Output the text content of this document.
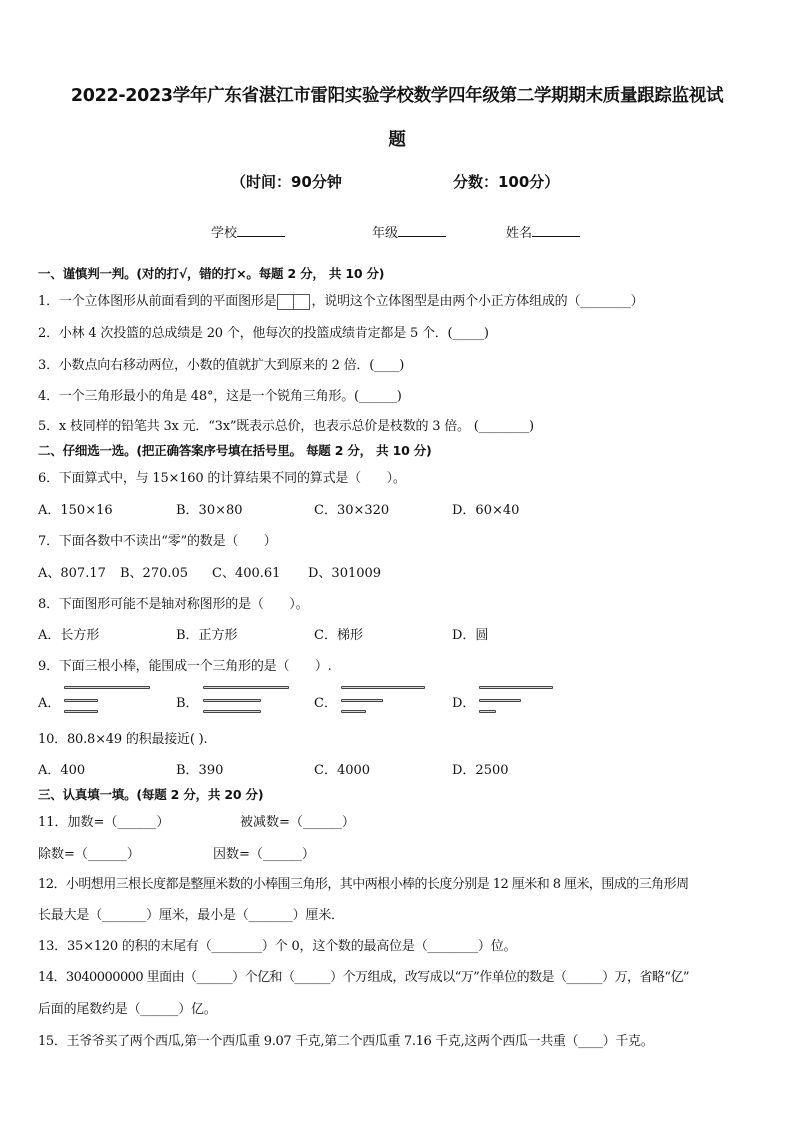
2022-2023学年广东省湛江市雷阳实验学校数学四年级第二学期期末质量跟踪监视试
题
（时间：90分钟	分数：100分）
学校	年级	姓名
一、谨慎判一判。(对的打√，错的打×。每题 2 分， 共 10 分)
1．一个立体图形从前面看到的平面图形是	，说明这个立体图型是由两个小正方体组成的（________）
2．小林 4 次投篮的总成绩是 20 个，他每次的投篮成绩肯定都是 5 个．(_____)
3．小数点向右移动两位，小数的值就扩大到原来的 2 倍．(____)
4．一个三角形最小的角是 48°，这是一个锐角三角形。(______)
5．x 枝同样的铅笔共 3x 元．“3x”既表示总价，也表示总价是枝数的 3 倍。 (________)
二、仔细选一选。(把正确答案序号填在括号里。 每题 2 分， 共 10 分)
6．下面算式中，与 15×160 的计算结果不同的算式是（　　）。
A．150×16	B．30×80	C．30×320	D．60×40
7．下面各数中不读出“零”的数是（　　）
A、807.17 B、270.05 C、400.61 D、301009
8．下面图形可能不是轴对称图形的是（　　）。
A．长方形	B．正方形	C．梯形	D．圆
9．下面三根小棒，能围成一个三角形的是（　　）.
A．	B．	C．	D．
10．80.8×49 的积最接近( ).
A．400	B．390	C．4000	D．2500
三、认真填一填。(每题 2 分，共 20 分)
11．加数=（______）	被减数=（______）
除数=（______）	因数=（______）
12．小明想用三根长度都是整厘米数的小棒围三角形，其中两根小棒的长度分别是 12 厘米和 8 厘米，围成的三角形周
长最大是（_______）厘米，最小是（_______）厘米．
13．35×120 的积的末尾有（________）个 0，这个数的最高位是（________）位。
14．3040000000 里面由（______）个亿和（______）个万组成，改写成以“万”作单位的数是（______）万，省略“亿”
后面的尾数约是（______）亿。
15．王爷爷买了两个西瓜,第一个西瓜重 9.07 千克,第二个西瓜重 7.16 千克,这两个西瓜一共重（____）千克。
